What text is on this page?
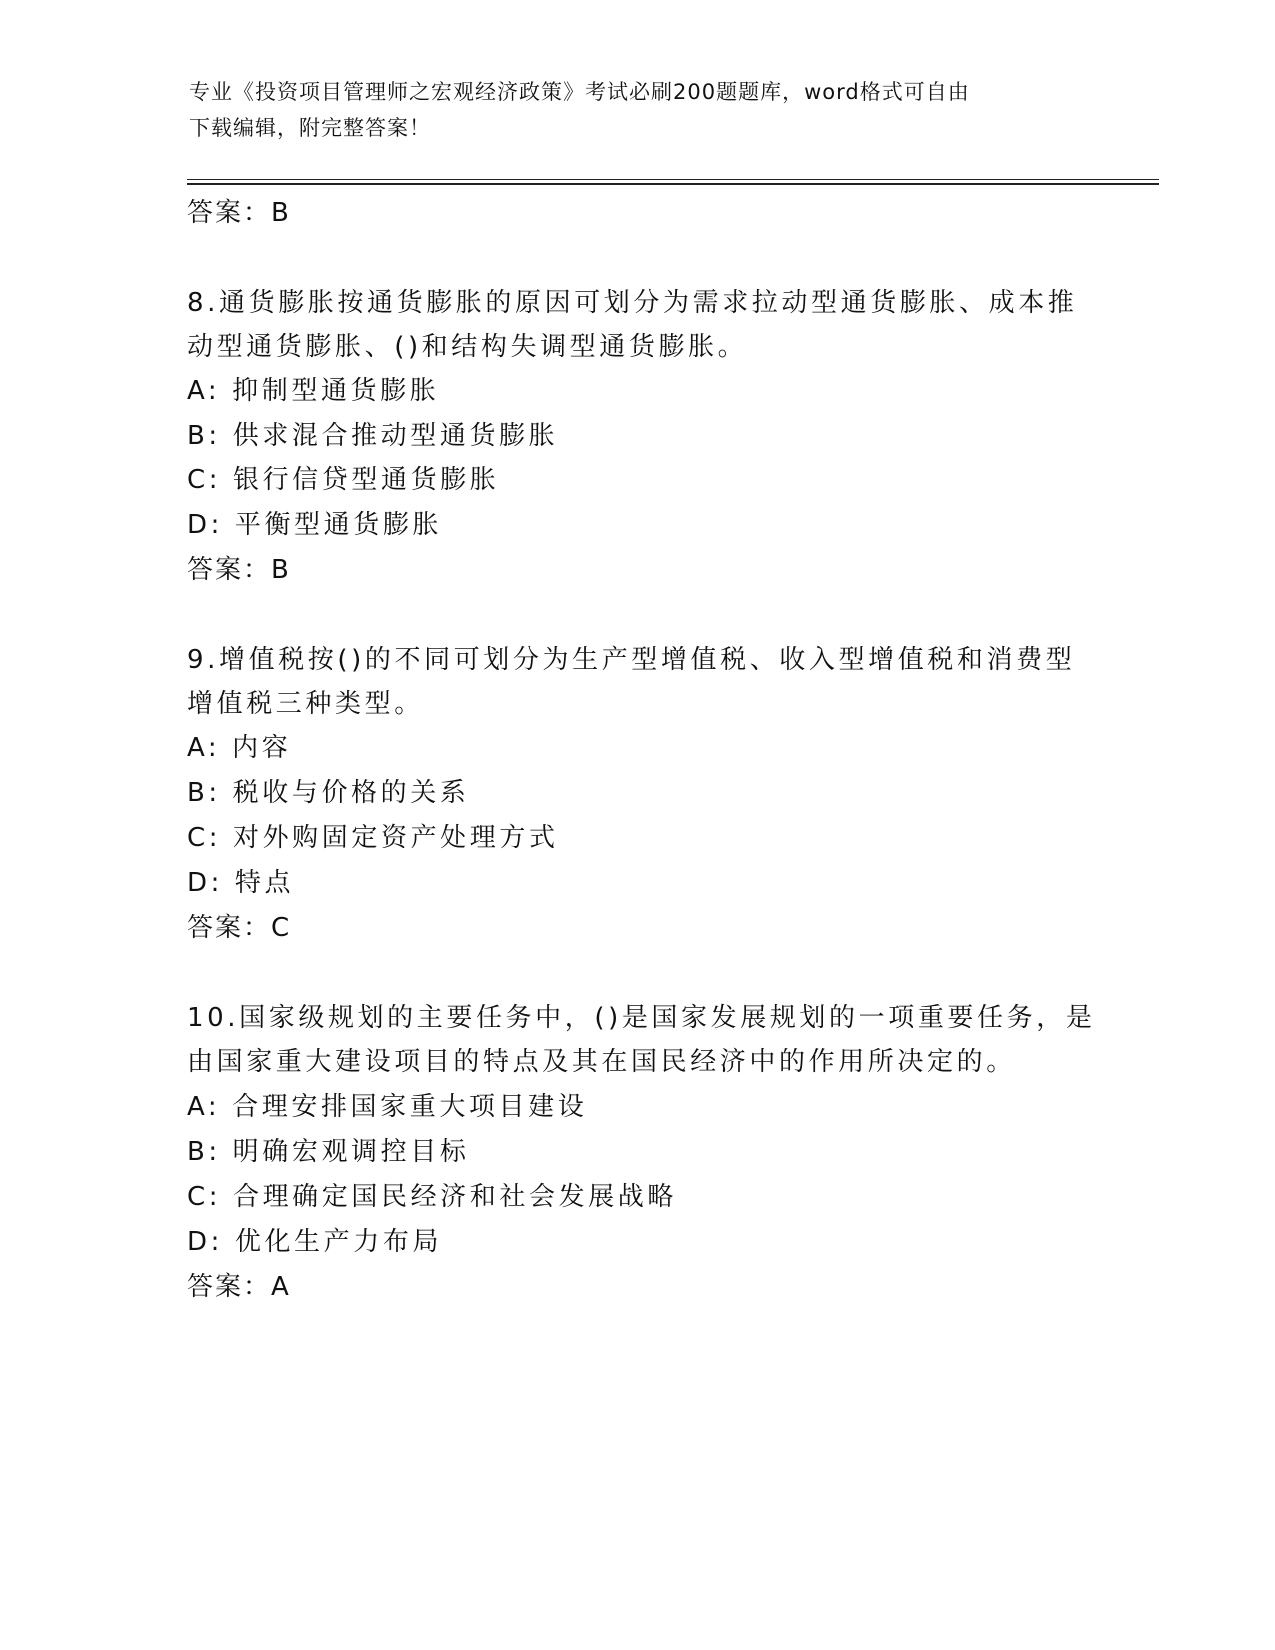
专业《投资项目管理师之宏观经济政策》考试必刷200题题库，word格式可自由
下载编辑，附完整答案！
答案：B
8.通货膨胀按通货膨胀的原因可划分为需求拉动型通货膨胀、成本推
动型通货膨胀、()和结构失调型通货膨胀。
A: 抑制型通货膨胀
B: 供求混合推动型通货膨胀
C: 银行信贷型通货膨胀
D: 平衡型通货膨胀
答案：B
9.增值税按()的不同可划分为生产型增值税、收入型增值税和消费型
增值税三种类型。
A: 内容
B: 税收与价格的关系
C: 对外购固定资产处理方式
D: 特点
答案：C
10.国家级规划的主要任务中，()是国家发展规划的一项重要任务，是
由国家重大建设项目的特点及其在国民经济中的作用所决定的。
A: 合理安排国家重大项目建设
B: 明确宏观调控目标
C: 合理确定国民经济和社会发展战略
D: 优化生产力布局
答案：A
